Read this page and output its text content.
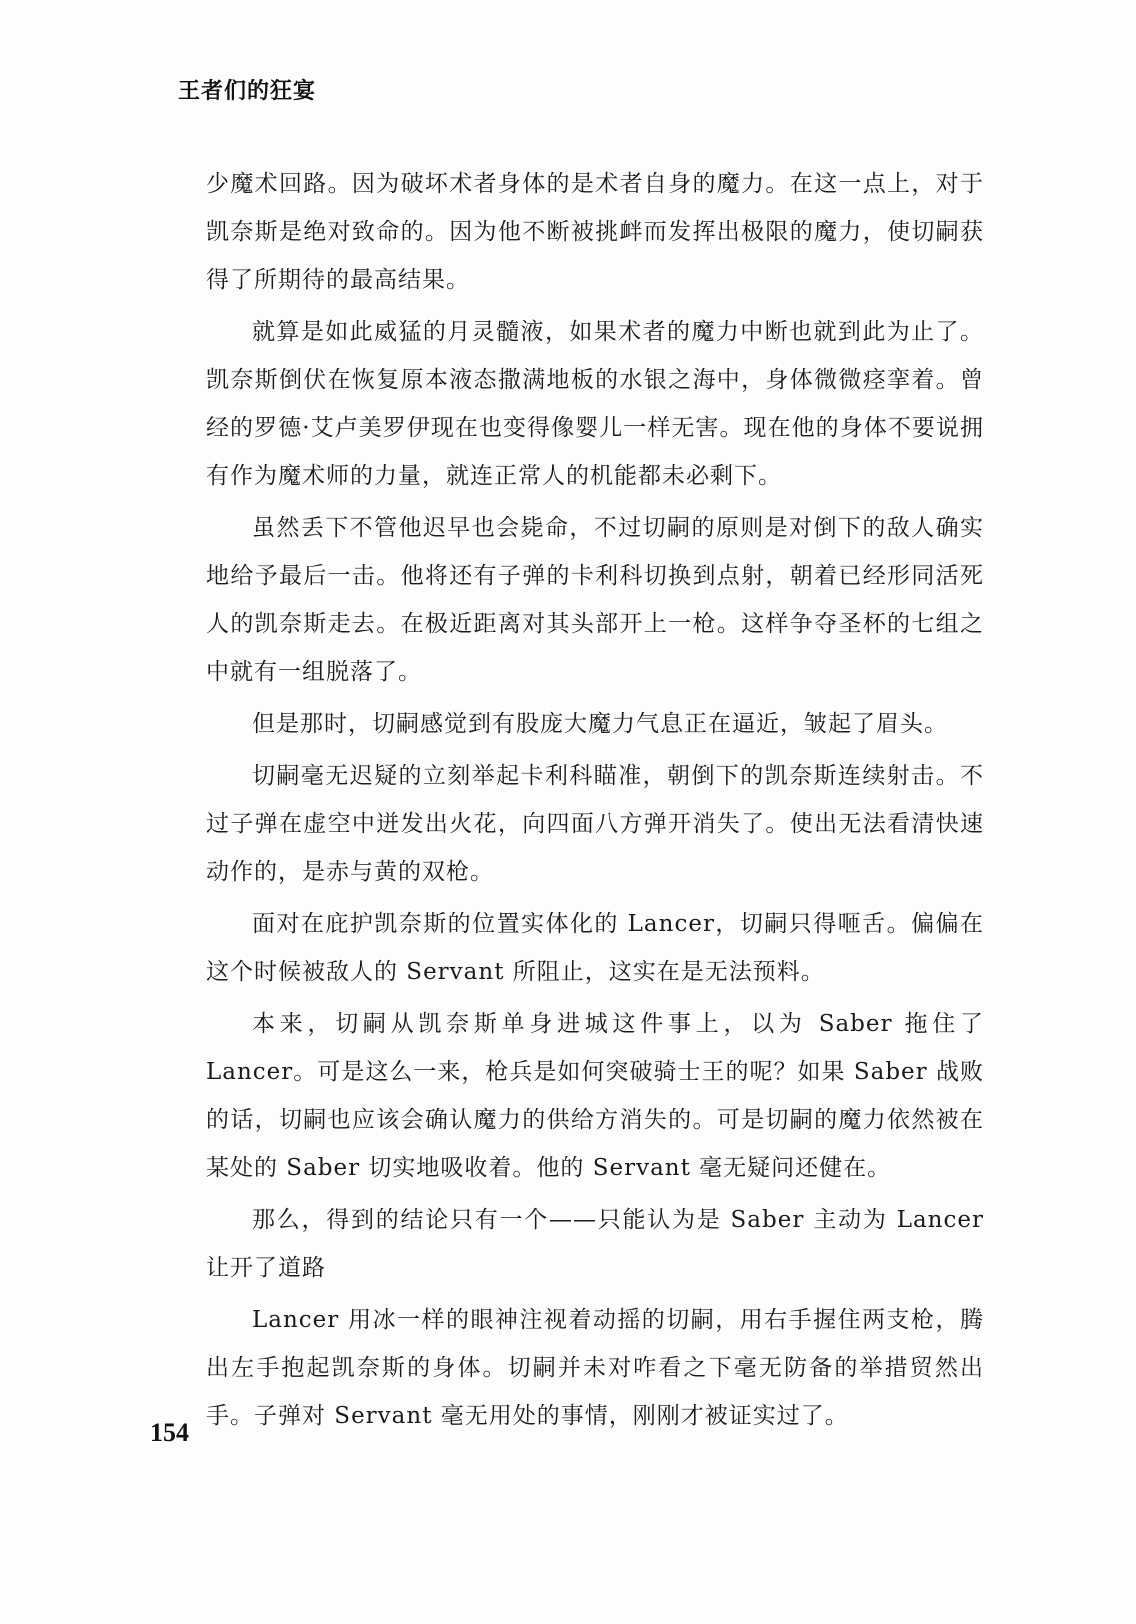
王者们的狂宴

少魔术回路。因为破坏术者身体的是术者自身的魔力。在这一点上，对于凯奈斯是绝对致命的。因为他不断被挑衅而发挥出极限的魔力，使切嗣获得了所期待的最高结果。

就算是如此威猛的月灵髓液，如果术者的魔力中断也就到此为止了。凯奈斯倒伏在恢复原本液态撒满地板的水银之海中，身体微微痉挛着。曾经的罗德·艾卢美罗伊现在也变得像婴儿一样无害。现在他的身体不要说拥有作为魔术师的力量，就连正常人的机能都未必剩下。

虽然丢下不管他迟早也会毙命，不过切嗣的原则是对倒下的敌人确实地给予最后一击。他将还有子弹的卡利科切换到点射，朝着已经形同活死人的凯奈斯走去。在极近距离对其头部开上一枪。这样争夺圣杯的七组之中就有一组脱落了。

但是那时，切嗣感觉到有股庞大魔力气息正在逼近，皱起了眉头。

切嗣毫无迟疑的立刻举起卡利科瞄准，朝倒下的凯奈斯连续射击。不过子弹在虚空中迸发出火花，向四面八方弹开消失了。使出无法看清快速动作的，是赤与黄的双枪。

面对在庇护凯奈斯的位置实体化的 Lancer，切嗣只得咂舌。偏偏在这个时候被敌人的 Servant 所阻止，这实在是无法预料。

本来，切嗣从凯奈斯单身进城这件事上，以为 Saber 拖住了 Lancer。可是这么一来，枪兵是如何突破骑士王的呢？如果 Saber 战败的话，切嗣也应该会确认魔力的供给方消失的。可是切嗣的魔力依然被在某处的 Saber 切实地吸收着。他的 Servant 毫无疑问还健在。

那么，得到的结论只有一个——只能认为是 Saber 主动为 Lancer 让开了道路

Lancer 用冰一样的眼神注视着动摇的切嗣，用右手握住两支枪，腾出左手抱起凯奈斯的身体。切嗣并未对咋看之下毫无防备的举措贸然出手。子弹对 Servant 毫无用处的事情，刚刚才被证实过了。

154
